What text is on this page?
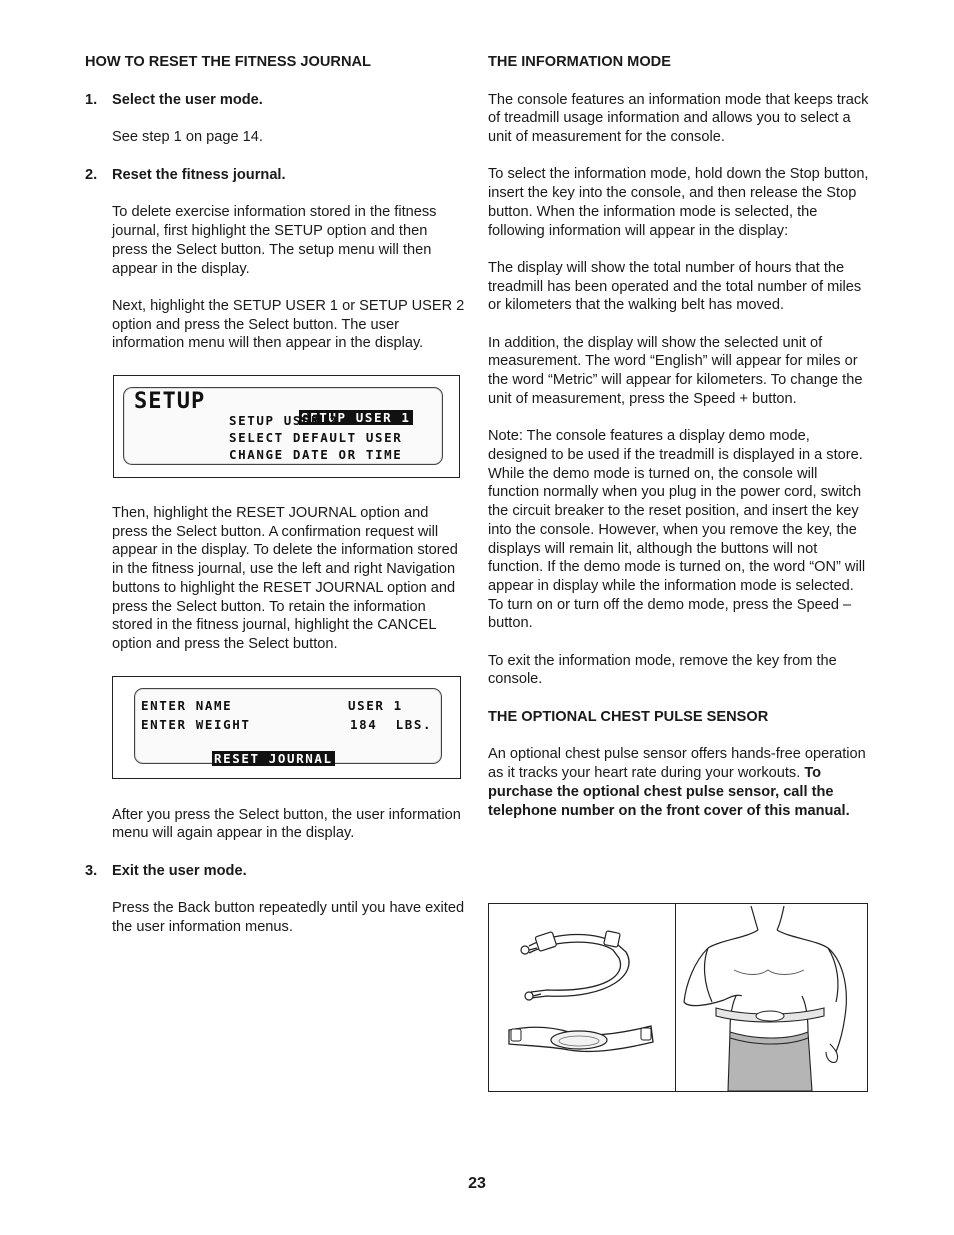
HOW TO RESET THE FITNESS JOURNAL

1.	Select the user mode.

See step 1 on page 14.

2.	Reset the fitness journal.

To delete exercise information stored in the fitness journal, first highlight the SETUP option and then press the Select button. The setup menu will then appear in the display.

Next, highlight the SETUP USER 1 or SETUP USER 2 option and press the Select button. The user information menu will then appear in the display.

SETUP

SETUP USER 1

SETUP USER 2
SELECT DEFAULT USER
CHANGE DATE OR TIME

Then, highlight the RESET JOURNAL option and press the Select button. A confirmation request will appear in the display. To delete the information stored in the fitness journal, use the left and right Navigation buttons to highlight the RESET JOURNAL option and press the Select button. To retain the information stored in the fitness journal, highlight the CANCEL option and press the Select button.

ENTER NAME	USER 1
ENTER WEIGHT	184  LBS.

RESET JOURNAL

After you press the Select button, the user information menu will again appear in the display.

3.	Exit the user mode.

Press the Back button repeatedly until you have exited the user information menus.

THE INFORMATION MODE

The console features an information mode that keeps track of treadmill usage information and allows you to select a unit of measurement for the console.

To select the information mode, hold down the Stop button, insert the key into the console, and then release the Stop button. When the information mode is selected, the following information will appear in the display:

The display will show the total number of hours that the treadmill has been operated and the total number of miles or kilometers that the walking belt has moved.

In addition, the display will show the selected unit of measurement. The word “English” will appear for miles or the word “Metric” will appear for kilometers. To change the unit of measurement, press the Speed + button.

Note: The console features a display demo mode, designed to be used if the treadmill is displayed in a store. While the demo mode is turned on, the console will function normally when you plug in the power cord, switch the circuit breaker to the reset position, and insert the key into the console. However, when you remove the key, the displays will remain lit, although the buttons will not function. If the demo mode is turned on, the word “ON” will appear in display while the information mode is selected. To turn on or turn off the demo mode, press the Speed – button.

To exit the information mode, remove the key from the console.

THE OPTIONAL CHEST PULSE SENSOR

An optional chest pulse sensor offers hands-free operation as it tracks your heart rate during your workouts. To purchase the optional chest pulse sensor, call the telephone number on the front cover of this manual.

23
